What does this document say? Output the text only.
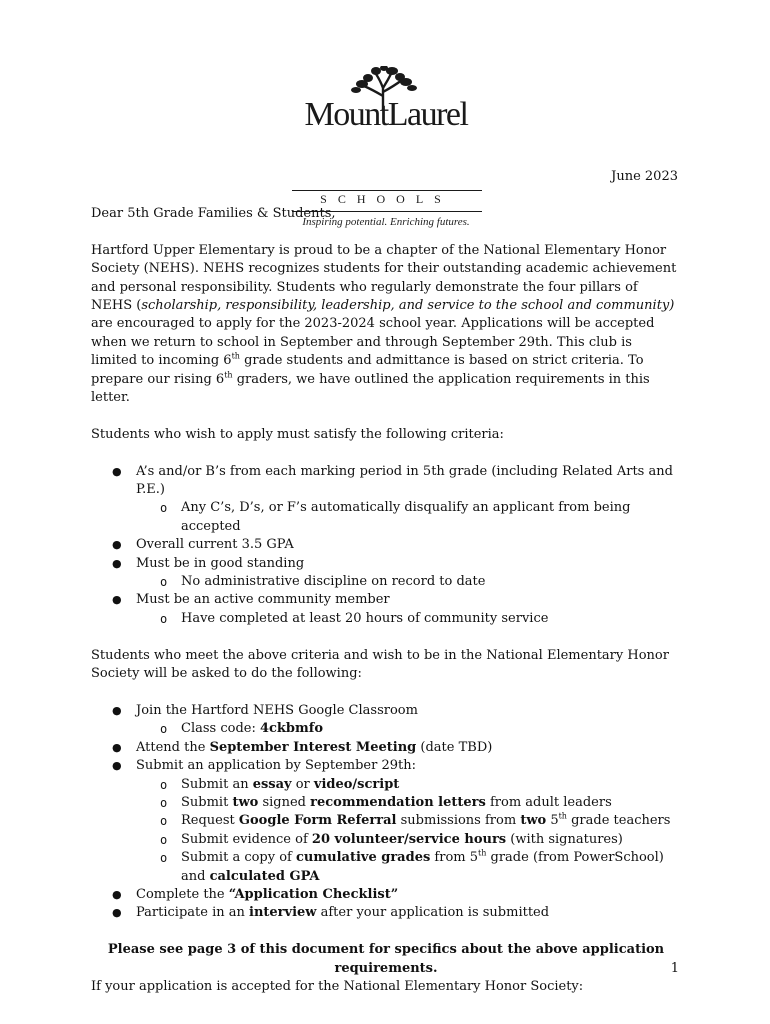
MountLaurel
SCHOOLS
Inspiring potential. Enriching futures.
June 2023

Dear 5th Grade Families & Students,

Hartford Upper Elementary is proud to be a chapter of the National Elementary Honor Society (NEHS). NEHS recognizes students for their outstanding academic achievement and personal responsibility. Students who regularly demonstrate the four pillars of NEHS (scholarship, responsibility, leadership, and service to the school and community) are encouraged to apply for the 2023-2024 school year. Applications will be accepted when we return to school in September and through September 29th. This club is limited to incoming 6th grade students and admittance is based on strict criteria. To prepare our rising 6th graders, we have outlined the application requirements in this letter.

Students who wish to apply must satisfy the following criteria:

● A’s and/or B’s from each marking period in 5th grade (including Related Arts and P.E.)
o Any C’s, D’s, or F’s automatically disqualify an applicant from being accepted
● Overall current 3.5 GPA
● Must be in good standing
o No administrative discipline on record to date
● Must be an active community member
o Have completed at least 20 hours of community service

Students who meet the above criteria and wish to be in the National Elementary Honor Society will be asked to do the following:

● Join the Hartford NEHS Google Classroom
o Class code: 4ckbmfo
● Attend the September Interest Meeting (date TBD)
● Submit an application by September 29th:
o Submit an essay or video/script
o Submit two signed recommendation letters from adult leaders
o Request Google Form Referral submissions from two 5th grade teachers
o Submit evidence of 20 volunteer/service hours (with signatures)
o Submit a copy of cumulative grades from 5th grade (from PowerSchool) and calculated GPA
● Complete the “Application Checklist”
● Participate in an interview after your application is submitted

Please see page 3 of this document for specifics about the above application requirements.

If your application is accepted for the National Elementary Honor Society:

1
